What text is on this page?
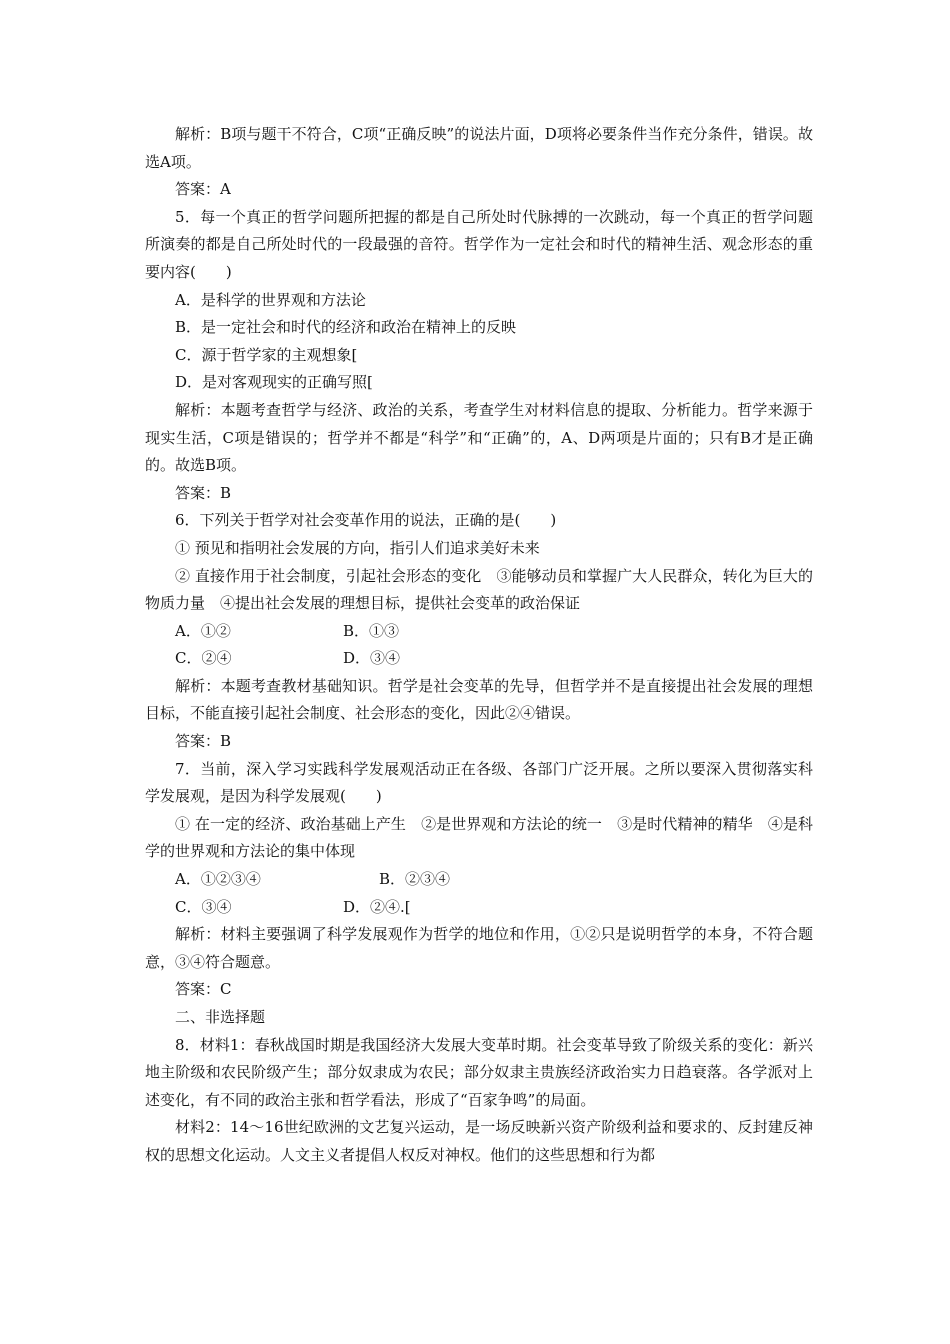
解析：B项与题干不符合，C项“正确反映”的说法片面，D项将必要条件当作充分条件，错误。故选A项。

答案：A

5．每一个真正的哲学问题所把握的都是自己所处时代脉搏的一次跳动，每一个真正的哲学问题所演奏的都是自己所处时代的一段最强的音符。哲学作为一定社会和时代的精神生活、观念形态的重要内容(　　)

A．是科学的世界观和方法论

B．是一定社会和时代的经济和政治在精神上的反映

C．源于哲学家的主观想象[

D．是对客观现实的正确写照[

解析：本题考查哲学与经济、政治的关系，考查学生对材料信息的提取、分析能力。哲学来源于现实生活，C项是错误的；哲学并不都是“科学”和“正确”的，A、D两项是片面的；只有B才是正确的。故选B项。

答案：B

6．下列关于哲学对社会变革作用的说法，正确的是(　　)

① 预见和指明社会发展的方向，指引人们追求美好未来

② 直接作用于社会制度，引起社会形态的变化　③能够动员和掌握广大人民群众，转化为巨大的物质力量　④提出社会发展的理想目标，提供社会变革的政治保证

A．①②	B．①③
C．②④	D．③④

解析：本题考查教材基础知识。哲学是社会变革的先导，但哲学并不是直接提出社会发展的理想目标，不能直接引起社会制度、社会形态的变化，因此②④错误。

答案：B

7．当前，深入学习实践科学发展观活动正在各级、各部门广泛开展。之所以要深入贯彻落实科学发展观，是因为科学发展观(　　)

① 在一定的经济、政治基础上产生　②是世界观和方法论的统一　③是时代精神的精华　④是科学的世界观和方法论的集中体现

A．①②③④	B．②③④
C．③④	D．②④.[

解析：材料主要强调了科学发展观作为哲学的地位和作用，①②只是说明哲学的本身，不符合题意，③④符合题意。

答案：C

二、非选择题

8．材料1：春秋战国时期是我国经济大发展大变革时期。社会变革导致了阶级关系的变化：新兴地主阶级和农民阶级产生；部分奴隶成为农民；部分奴隶主贵族经济政治实力日趋衰落。各学派对上述变化，有不同的政治主张和哲学看法，形成了“百家争鸣”的局面。

材料2：14～16世纪欧洲的文艺复兴运动，是一场反映新兴资产阶级利益和要求的、反封建反神权的思想文化运动。人文主义者提倡人权反对神权。他们的这些思想和行为都
